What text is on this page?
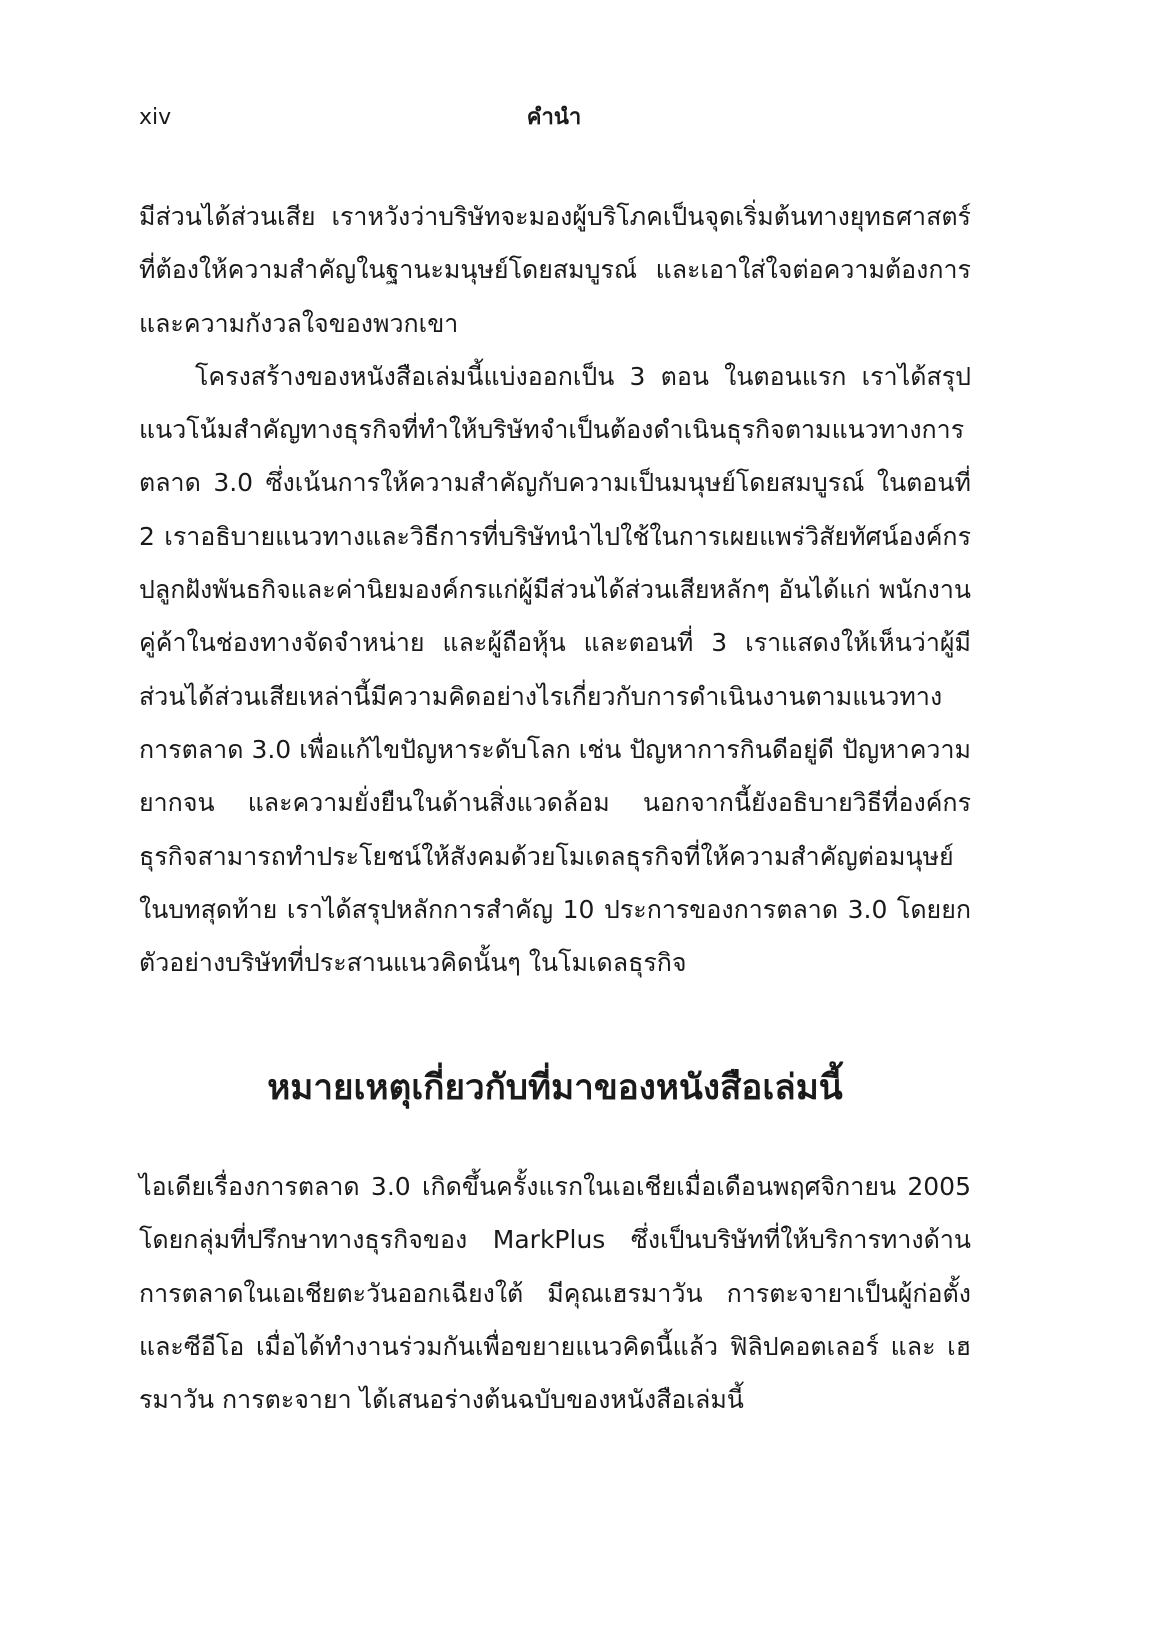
xiv	คำนำ

มีส่วนได้ส่วนเสีย เราหวังว่าบริษัทจะมองผู้บริโภคเป็นจุดเริ่มต้นทางยุทธศาสตร์ที่ต้องให้ความสำคัญในฐานะมนุษย์โดยสมบูรณ์ และเอาใส่ใจต่อความต้องการและความกังวลใจของพวกเขา

โครงสร้างของหนังสือเล่มนี้แบ่งออกเป็น 3 ตอน ในตอนแรก เราได้สรุปแนวโน้มสำคัญทางธุรกิจที่ทำให้บริษัทจำเป็นต้องดำเนินธุรกิจตามแนวทางการตลาด 3.0 ซึ่งเน้นการให้ความสำคัญกับความเป็นมนุษย์โดยสมบูรณ์ ในตอนที่ 2 เราอธิบายแนวทางและวิธีการที่บริษัทนำไปใช้ในการเผยแพร่วิสัยทัศน์องค์กร ปลูกฝังพันธกิจและค่านิยมองค์กรแก่ผู้มีส่วนได้ส่วนเสียหลักๆ อันได้แก่ พนักงาน คู่ค้าในช่องทางจัดจำหน่าย และผู้ถือหุ้น และตอนที่ 3 เราแสดงให้เห็นว่าผู้มีส่วนได้ส่วนเสียเหล่านี้มีความคิดอย่างไรเกี่ยวกับการดำเนินงานตามแนวทางการตลาด 3.0 เพื่อแก้ไขปัญหาระดับโลก เช่น ปัญหาการกินดีอยู่ดี ปัญหาความยากจน และความยั่งยืนในด้านสิ่งแวดล้อม นอกจากนี้ยังอธิบายวิธีที่องค์กรธุรกิจสามารถทำประโยชน์ให้สังคมด้วยโมเดลธุรกิจที่ให้ความสำคัญต่อมนุษย์ ในบทสุดท้าย เราได้สรุปหลักการสำคัญ 10 ประการของการตลาด 3.0 โดยยกตัวอย่างบริษัทที่ประสานแนวคิดนั้นๆ ในโมเดลธุรกิจ

หมายเหตุเกี่ยวกับที่มาของหนังสือเล่มนี้

ไอเดียเรื่องการตลาด 3.0 เกิดขึ้นครั้งแรกในเอเชียเมื่อเดือนพฤศจิกายน 2005 โดยกลุ่มที่ปรึกษาทางธุรกิจของ MarkPlus ซึ่งเป็นบริษัทที่ให้บริการทางด้านการตลาดในเอเชียตะวันออกเฉียงใต้ มีคุณเฮรมาวัน การตะจายาเป็นผู้ก่อตั้งและซีอีโอ เมื่อได้ทำงานร่วมกันเพื่อขยายแนวคิดนี้แล้ว ฟิลิปคอตเลอร์ และ เฮรมาวัน การตะจายา ได้เสนอร่างต้นฉบับของหนังสือเล่มนี้
